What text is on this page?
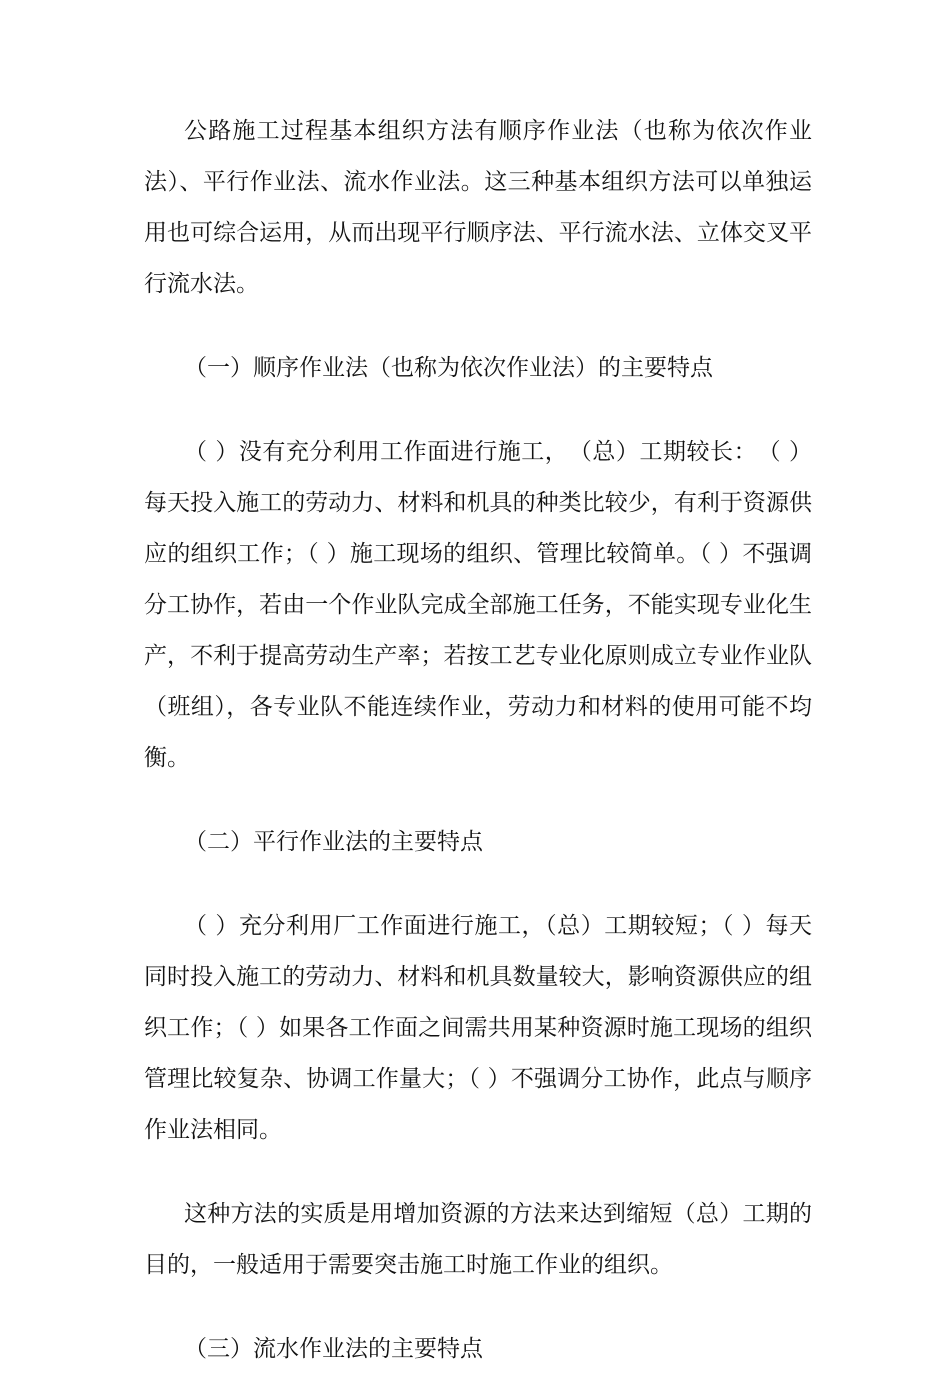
公路施工过程基本组织方法有顺序作业法（也称为依次作业法）、平行作业法、流水作业法。这三种基本组织方法可以单独运用也可综合运用，从而出现平行顺序法、平行流水法、立体交叉平行流水法。

（一）顺序作业法（也称为依次作业法）的主要特点

（ ）没有充分利用工作面进行施工，　（总）工期较长：　（ ）每天投入施工的劳动力、材料和机具的种类比较少，有利于资源供应的组织工作；（ ）施工现场的组织、管理比较简单。（ ）不强调分工协作，若由一个作业队完成全部施工任务，不能实现专业化生产，不利于提高劳动生产率；若按工艺专业化原则成立专业作业队（班组），各专业队不能连续作业，劳动力和材料的使用可能不均衡。

（二）平行作业法的主要特点

（ ）充分利用厂工作面进行施工，（总）工期较短；（ ）每天同时投入施工的劳动力、材料和机具数量较大，影响资源供应的组织工作；（ ）如果各工作面之间需共用某种资源时施工现场的组织管理比较复杂、协调工作量大；（ ）不强调分工协作，此点与顺序作业法相同。

这种方法的实质是用增加资源的方法来达到缩短（总）工期的目的，一般适用于需要突击施工时施工作业的组织。

（三）流水作业法的主要特点
